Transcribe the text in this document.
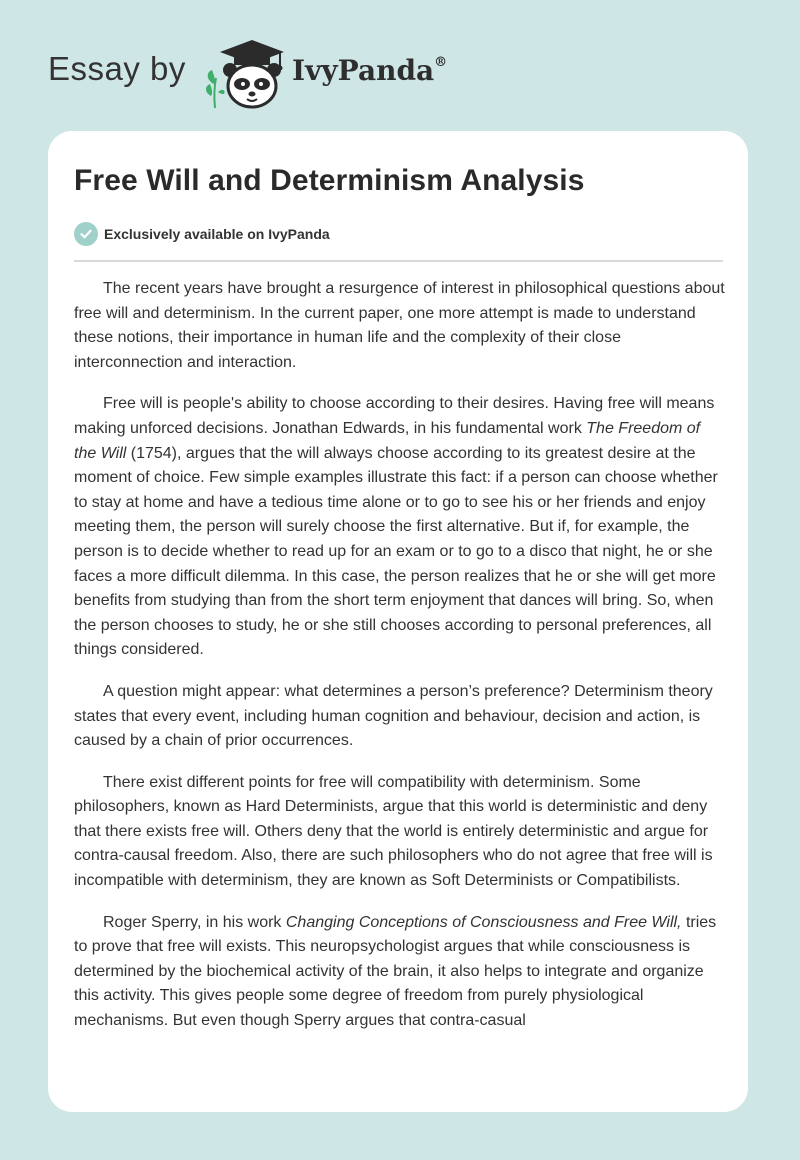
Essay by	IvyPanda®
Free Will and Determinism Analysis
Exclusively available on IvyPanda

The recent years have brought a resurgence of interest in philosophical questions about free will and determinism. In the current paper, one more attempt is made to understand these notions, their importance in human life and the complexity of their close interconnection and interaction.

Free will is people's ability to choose according to their desires. Having free will means making unforced decisions. Jonathan Edwards, in his fundamental work The Freedom of the Will (1754), argues that the will always choose according to its greatest desire at the moment of choice. Few simple examples illustrate this fact: if a person can choose whether to stay at home and have a tedious time alone or to go to see his or her friends and enjoy meeting them, the person will surely choose the first alternative. But if, for example, the person is to decide whether to read up for an exam or to go to a disco that night, he or she faces a more difficult dilemma. In this case, the person realizes that he or she will get more benefits from studying than from the short term enjoyment that dances will bring. So, when the person chooses to study, he or she still chooses according to personal preferences, all things considered.

A question might appear: what determines a person’s preference? Determinism theory states that every event, including human cognition and behaviour, decision and action, is caused by a chain of prior occurrences.

There exist different points for free will compatibility with determinism. Some philosophers, known as Hard Determinists, argue that this world is deterministic and deny that there exists free will. Others deny that the world is entirely deterministic and argue for contra-causal freedom. Also, there are such philosophers who do not agree that free will is incompatible with determinism, they are known as Soft Determinists or Compatibilists.

Roger Sperry, in his work Changing Conceptions of Consciousness and Free Will, tries to prove that free will exists. This neuropsychologist argues that while consciousness is determined by the biochemical activity of the brain, it also helps to integrate and organize this activity. This gives people some degree of freedom from purely physiological mechanisms. But even though Sperry argues that contra-casual
